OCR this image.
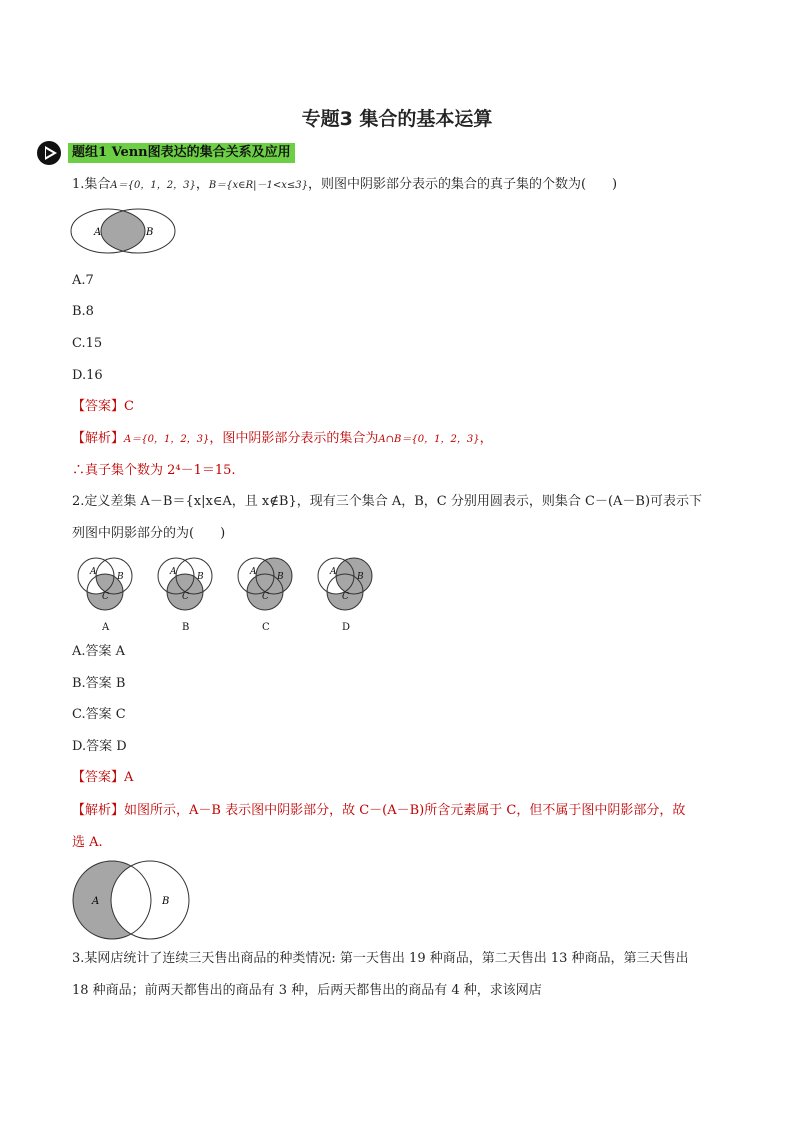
专题3 集合的基本运算
题组1 Venn图表达的集合关系及应用
1.集合A＝{0，1，2，3}，B＝{x∈R|－1<x≤3}，则图中阴影部分表示的集合的真子集的个数为(　　)
A	B
A.7
B.8
C.15
D.16
【答案】C
【解析】A＝{0，1，2，3}，图中阴影部分表示的集合为A∩B＝{0，1，2，3}，
∴真子集个数为 2⁴－1＝15.
2.定义差集 A－B＝{x|x∈A，且 x∉B}，现有三个集合 A，B，C 分别用圆表示，则集合 C－(A－B)可表示下
列图中阴影部分的为(　　)
A B
C
A
A B
C
B
A B
C
C
A B
C
D
A.答案 A
B.答案 B
C.答案 C
D.答案 D
【答案】A
【解析】如图所示，A－B 表示图中阴影部分，故 C－(A－B)所含元素属于 C，但不属于图中阴影部分，故
选 A.
A	B
3.某网店统计了连续三天售出商品的种类情况: 第一天售出 19 种商品，第二天售出 13 种商品，第三天售出
18 种商品；前两天都售出的商品有 3 种，后两天都售出的商品有 4 种，求该网店
